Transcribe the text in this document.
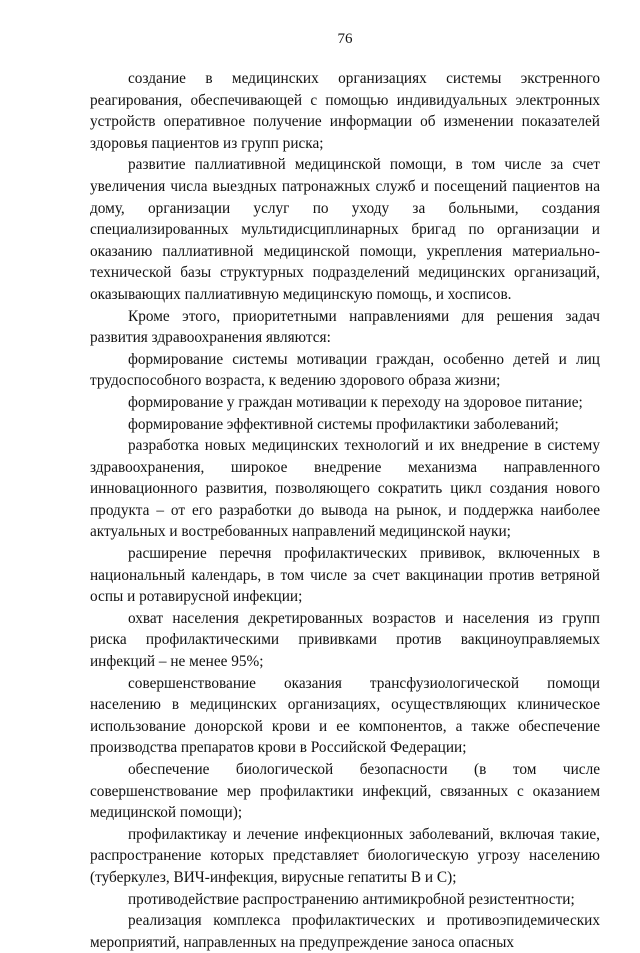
76

создание в медицинских организациях системы экстренного реагирования, обеспечивающей с помощью индивидуальных электронных устройств оперативное получение информации об изменении показателей здоровья пациентов из групп риска;

развитие паллиативной медицинской помощи, в том числе за счет увеличения числа выездных патронажных служб и посещений пациентов на дому, организации услуг по уходу за больными, создания специализированных мультидисциплинарных бригад по организации и оказанию паллиативной медицинской помощи, укрепления материально-технической базы структурных подразделений медицинских организаций, оказывающих паллиативную медицинскую помощь, и хосписов.

Кроме этого, приоритетными направлениями для решения задач развития здравоохранения являются:

формирование системы мотивации граждан, особенно детей и лиц трудоспособного возраста, к ведению здорового образа жизни;

формирование у граждан мотивации к переходу на здоровое питание;

формирование эффективной системы профилактики заболеваний;

разработка новых медицинских технологий и их внедрение в систему здравоохранения, широкое внедрение механизма направленного инновационного развития, позволяющего сократить цикл создания нового продукта – от его разработки до вывода на рынок, и поддержка наиболее актуальных и востребованных направлений медицинской науки;

расширение перечня профилактических прививок, включенных в национальный календарь, в том числе за счет вакцинации против ветряной оспы и ротавирусной инфекции;

охват населения декретированных возрастов и населения из групп риска профилактическими прививками против вакциноуправляемых инфекций – не менее 95%;

совершенствование оказания трансфузиологической помощи населению в медицинских организациях, осуществляющих клиническое использование донорской крови и ее компонентов, а также обеспечение производства препаратов крови в Российской Федерации;

обеспечение биологической безопасности (в том числе совершенствование мер профилактики инфекций, связанных с оказанием медицинской помощи);

профилактикау и лечение инфекционных заболеваний, включая такие, распространение которых представляет биологическую угрозу населению (туберкулез, ВИЧ-инфекция, вирусные гепатиты В и С);

противодействие распространению антимикробной резистентности;

реализация комплекса профилактических и противоэпидемических мероприятий, направленных на предупреждение заноса опасных
